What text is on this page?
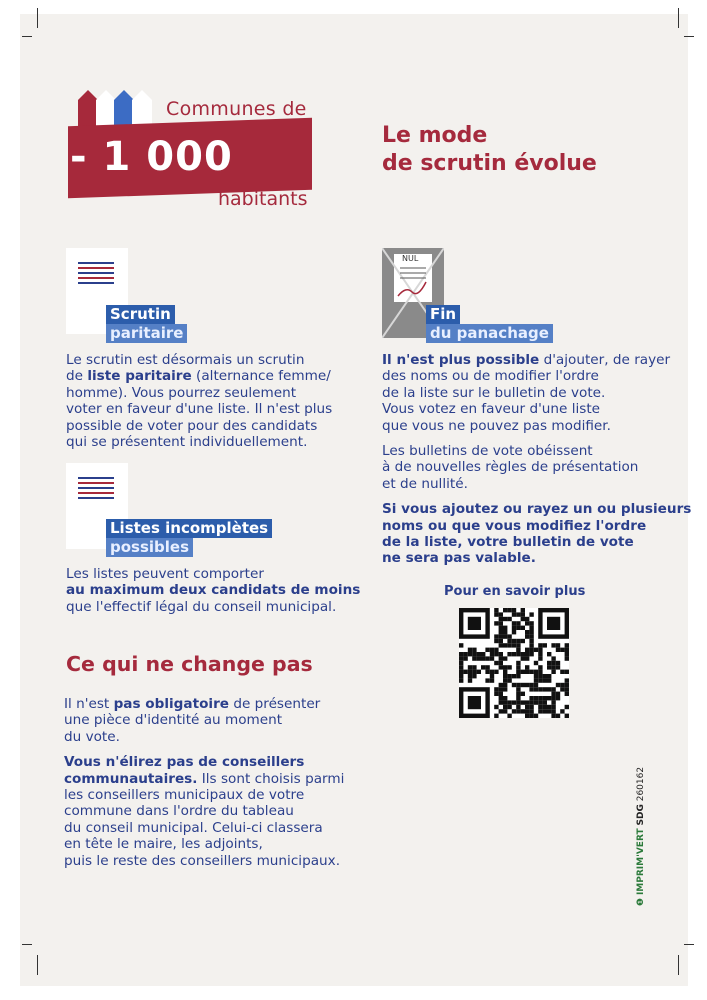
Communes de
- 1 000
habitants
Le mode
de scrutin évolue
Scrutin
paritaire
Le scrutin est désormais un scrutin
de liste paritaire (alternance femme/
homme). Vous pourrez seulement
voter en faveur d'une liste. Il n'est plus
possible de voter pour des candidats
qui se présentent individuellement.
Listes incomplètes
possibles
Les listes peuvent comporter
au maximum deux candidats de moins
que l'effectif légal du conseil municipal.
NUL
Fin
du panachage
Il n'est plus possible d'ajouter, de rayer
des noms ou de modifier l'ordre
de la liste sur le bulletin de vote.
Vous votez en faveur d'une liste
que vous ne pouvez pas modifier.
Les bulletins de vote obéissent
à de nouvelles règles de présentation
et de nullité.
Si vous ajoutez ou rayez un ou plusieurs
noms ou que vous modifiez l'ordre
de la liste, votre bulletin de vote
ne sera pas valable.
Pour en savoir plus
Ce qui ne change pas
Il n'est pas obligatoire de présenter
une pièce d'identité au moment
du vote.
Vous n'élirez pas de conseillers
communautaires. Ils sont choisis parmi
les conseillers municipaux de votre
commune dans l'ordre du tableau
du conseil municipal. Celui-ci classera
en tête le maire, les adjoints,
puis le reste des conseillers municipaux.
❶ IMPRIM'VERT SDG 260162
